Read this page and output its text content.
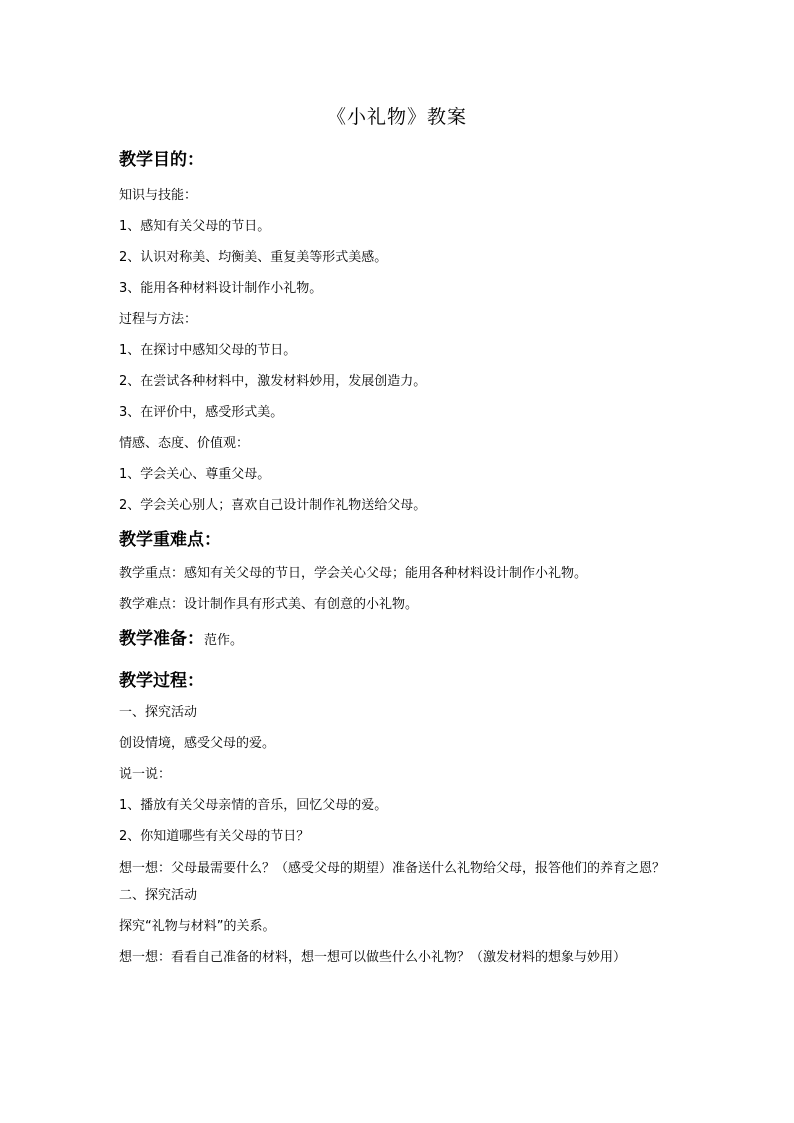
《小礼物》教案
教学目的：
知识与技能：
1、感知有关父母的节日。
2、认识对称美、均衡美、重复美等形式美感。
3、能用各种材料设计制作小礼物。
过程与方法：
1、在探讨中感知父母的节日。
2、在尝试各种材料中，激发材料妙用，发展创造力。
3、在评价中，感受形式美。
情感、态度、价值观：
1、学会关心、尊重父母。
2、学会关心别人；喜欢自己设计制作礼物送给父母。
教学重难点：
教学重点：感知有关父母的节日，学会关心父母；能用各种材料设计制作小礼物。
教学难点：设计制作具有形式美、有创意的小礼物。
教学准备：范作。
教学过程：
一、探究活动
创设情境，感受父母的爱。
说一说：
1、播放有关父母亲情的音乐，回忆父母的爱。
2、你知道哪些有关父母的节日？
想一想：父母最需要什么？（感受父母的期望）准备送什么礼物给父母，报答他们的养育之恩？
二、探究活动
探究“礼物与材料”的关系。
想一想：看看自己准备的材料，想一想可以做些什么小礼物？（激发材料的想象与妙用）
